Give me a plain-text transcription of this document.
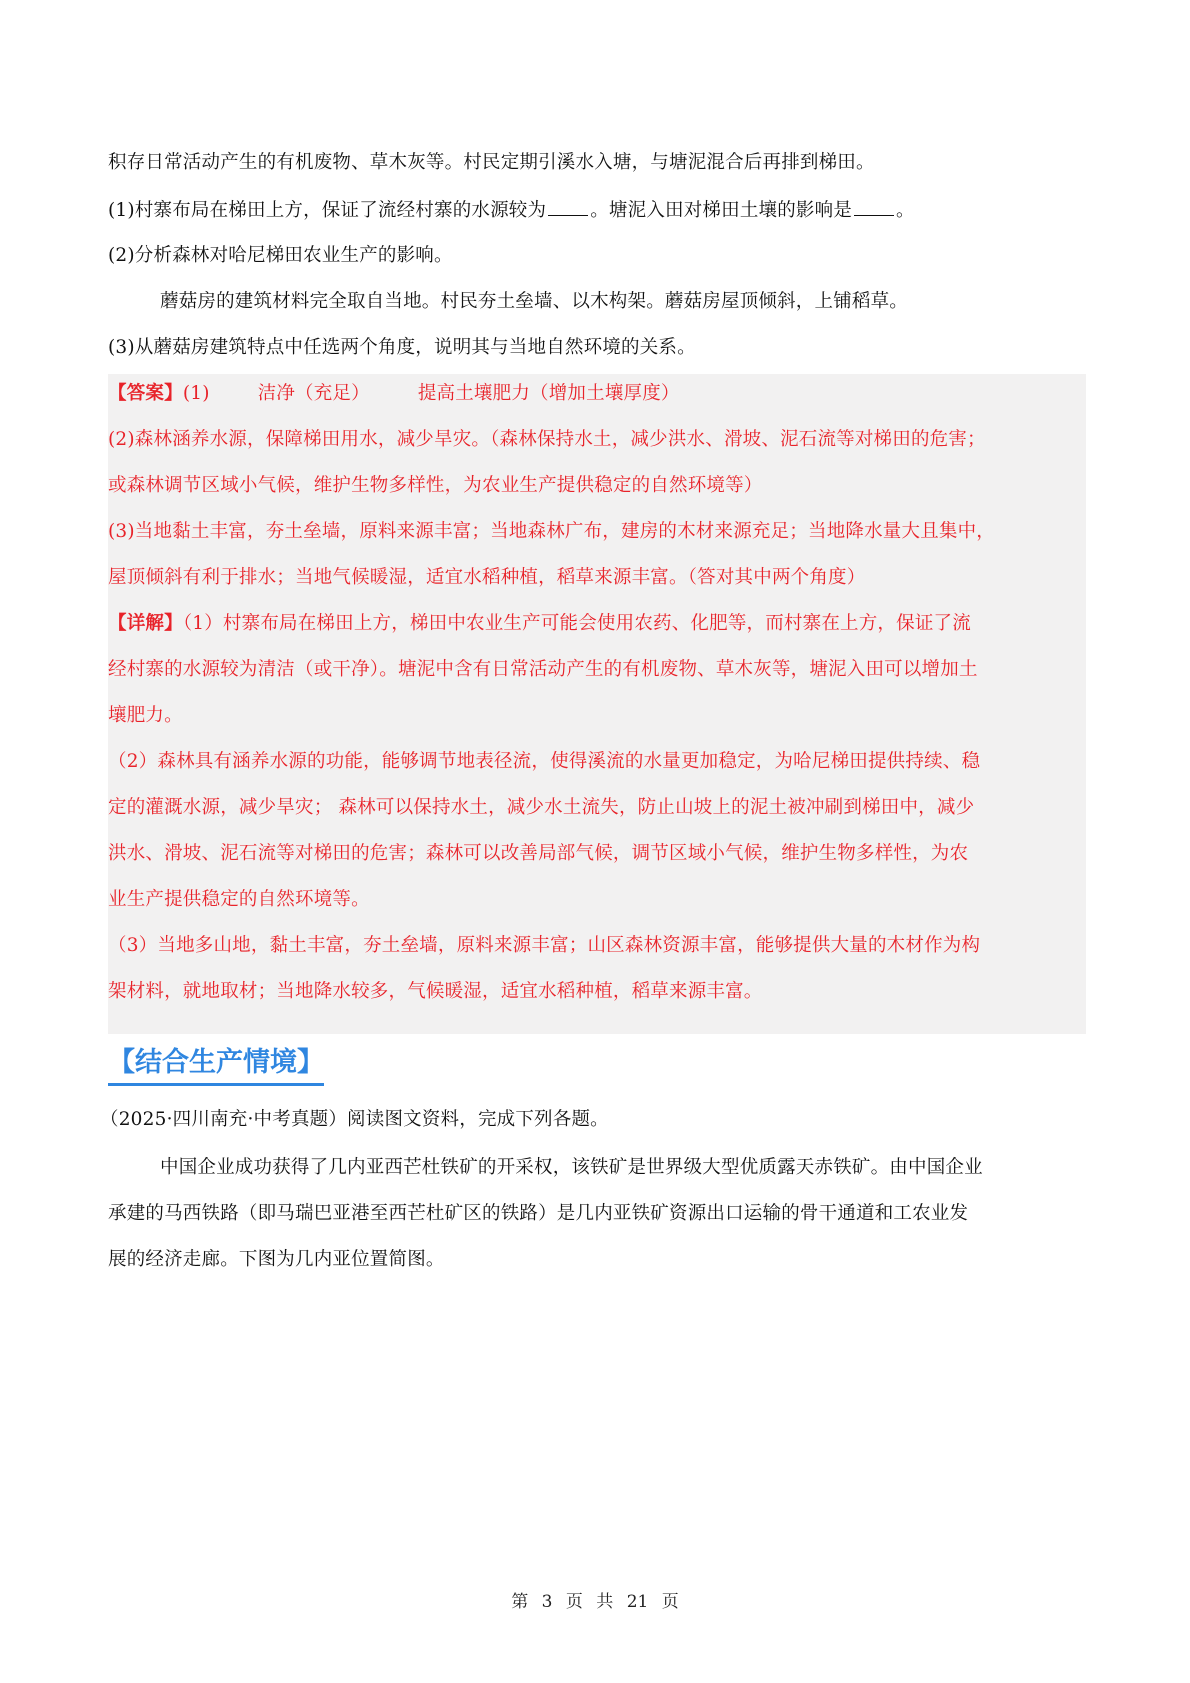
积存日常活动产生的有机废物、草木灰等。村民定期引溪水入塘，与塘泥混合后再排到梯田。
(1)村寨布局在梯田上方，保证了流经村寨的水源较为 。塘泥入田对梯田土壤的影响是 。
(2)分析森林对哈尼梯田农业生产的影响。
蘑菇房的建筑材料完全取自当地。村民夯土垒墙、以木构架。蘑菇房屋顶倾斜，上铺稻草。
(3)从蘑菇房建筑特点中任选两个角度，说明其与当地自然环境的关系。
【答案】(1)	洁净（充足）	提高土壤肥力（增加土壤厚度）
(2)森林涵养水源，保障梯田用水，减少旱灾。（森林保持水土，减少洪水、滑坡、泥石流等对梯田的危害；
或森林调节区域小气候，维护生物多样性，为农业生产提供稳定的自然环境等）
(3)当地黏土丰富，夯土垒墙，原料来源丰富；当地森林广布，建房的木材来源充足；当地降水量大且集中，
屋顶倾斜有利于排水；当地气候暖湿，适宜水稻种植，稻草来源丰富。（答对其中两个角度）
【详解】（1）村寨布局在梯田上方，梯田中农业生产可能会使用农药、化肥等，而村寨在上方，保证了流
经村寨的水源较为清洁（或干净）。塘泥中含有日常活动产生的有机废物、草木灰等，塘泥入田可以增加土
壤肥力。
（2）森林具有涵养水源的功能，能够调节地表径流，使得溪流的水量更加稳定，为哈尼梯田提供持续、稳
定的灌溉水源，减少旱灾； 森林可以保持水土，减少水土流失，防止山坡上的泥土被冲刷到梯田中，减少
洪水、滑坡、泥石流等对梯田的危害；森林可以改善局部气候，调节区域小气候，维护生物多样性，为农
业生产提供稳定的自然环境等。
（3）当地多山地，黏土丰富，夯土垒墙，原料来源丰富；山区森林资源丰富，能够提供大量的木材作为构
架材料，就地取材；当地降水较多，气候暖湿，适宜水稻种植，稻草来源丰富。
【结合生产情境】
（2025·四川南充·中考真题）阅读图文资料，完成下列各题。
中国企业成功获得了几内亚西芒杜铁矿的开采权，该铁矿是世界级大型优质露天赤铁矿。由中国企业
承建的马西铁路（即马瑞巴亚港至西芒杜矿区的铁路）是几内亚铁矿资源出口运输的骨干通道和工农业发
展的经济走廊。下图为几内亚位置简图。
第 3 页 共 21 页
